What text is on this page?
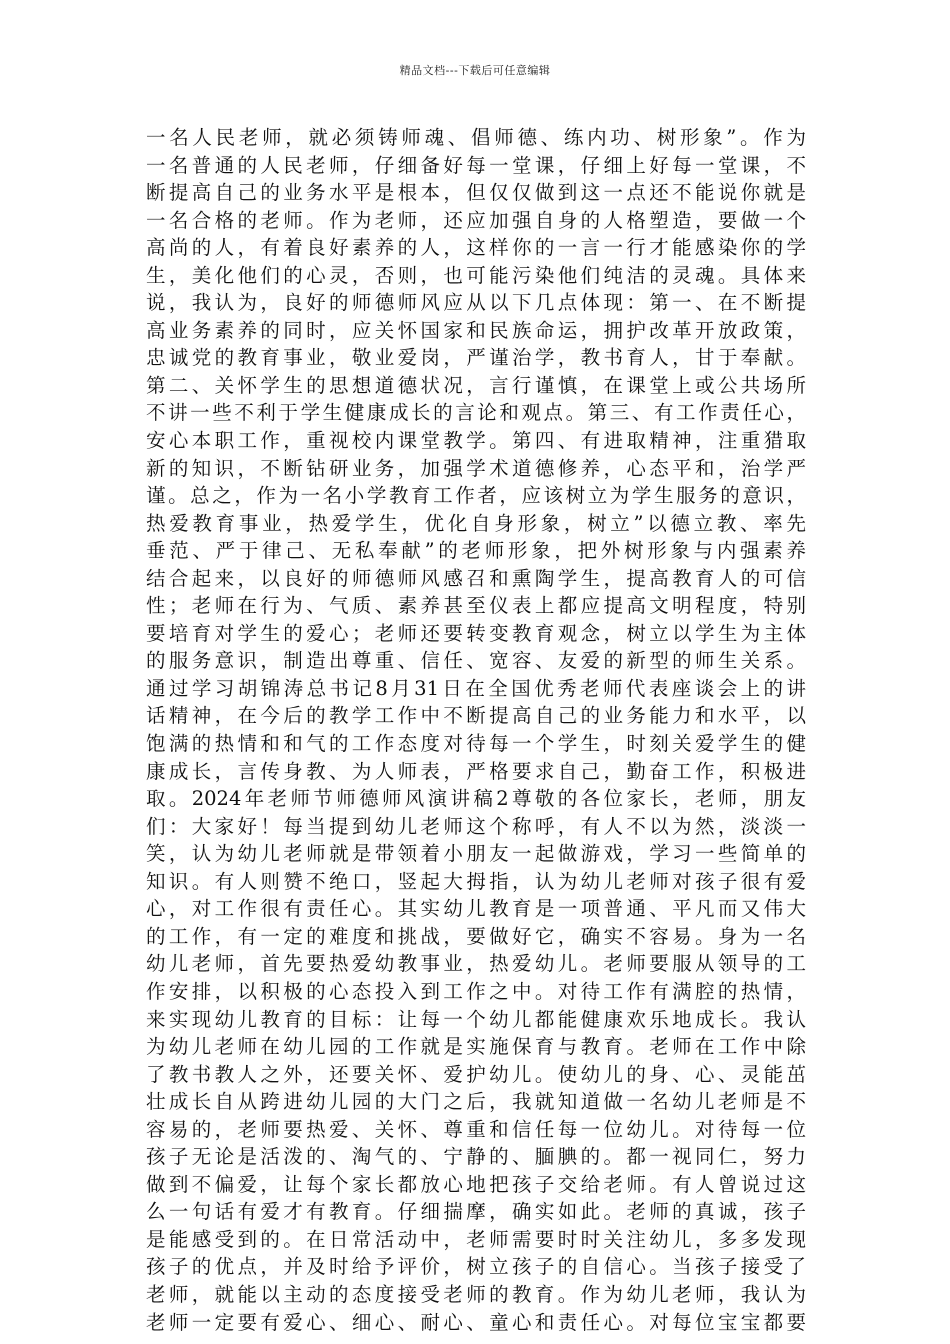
精品文档---下载后可任意编辑
一名人民老师，就必须铸师魂、倡师德、练内功、树形象”。作为
一名普通的人民老师，仔细备好每一堂课，仔细上好每一堂课，不
断提高自己的业务水平是根本，但仅仅做到这一点还不能说你就是
一名合格的老师。作为老师，还应加强自身的人格塑造，要做一个
高尚的人，有着良好素养的人，这样你的一言一行才能感染你的学
生，美化他们的心灵，否则，也可能污染他们纯洁的灵魂。具体来
说，我认为，良好的师德师风应从以下几点体现：第一、在不断提
高业务素养的同时，应关怀国家和民族命运，拥护改革开放政策，
忠诚党的教育事业，敬业爱岗，严谨治学，教书育人，甘于奉献。
第二、关怀学生的思想道德状况，言行谨慎，在课堂上或公共场所
不讲一些不利于学生健康成长的言论和观点。第三、有工作责任心，
安心本职工作，重视校内课堂教学。第四、有进取精神，注重猎取
新的知识，不断钻研业务，加强学术道德修养，心态平和，治学严
谨。总之，作为一名小学教育工作者，应该树立为学生服务的意识，
热爱教育事业，热爱学生，优化自身形象，树立”以德立教、率先
垂范、严于律己、无私奉献”的老师形象，把外树形象与内强素养
结合起来，以良好的师德师风感召和熏陶学生，提高教育人的可信
性；老师在行为、气质、素养甚至仪表上都应提高文明程度，特别
要培育对学生的爱心；老师还要转变教育观念，树立以学生为主体
的服务意识，制造出尊重、信任、宽容、友爱的新型的师生关系。
通过学习胡锦涛总书记8月31日在全国优秀老师代表座谈会上的讲
话精神，在今后的教学工作中不断提高自己的业务能力和水平，以
饱满的热情和和气的工作态度对待每一个学生，时刻关爱学生的健
康成长，言传身教、为人师表，严格要求自己，勤奋工作，积极进
取。2024年老师节师德师风演讲稿2尊敬的各位家长，老师，朋友
们：大家好！每当提到幼儿老师这个称呼，有人不以为然，淡淡一
笑，认为幼儿老师就是带领着小朋友一起做游戏，学习一些简单的
知识。有人则赞不绝口，竖起大拇指，认为幼儿老师对孩子很有爱
心，对工作很有责任心。其实幼儿教育是一项普通、平凡而又伟大
的工作，有一定的难度和挑战，要做好它，确实不容易。身为一名
幼儿老师，首先要热爱幼教事业，热爱幼儿。老师要服从领导的工
作安排，以积极的心态投入到工作之中。对待工作有满腔的热情，
来实现幼儿教育的目标：让每一个幼儿都能健康欢乐地成长。我认
为幼儿老师在幼儿园的工作就是实施保育与教育。老师在工作中除
了教书教人之外，还要关怀、爱护幼儿。使幼儿的身、心、灵能茁
壮成长自从跨进幼儿园的大门之后，我就知道做一名幼儿老师是不
容易的，老师要热爱、关怀、尊重和信任每一位幼儿。对待每一位
孩子无论是活泼的、淘气的、宁静的、腼腆的。都一视同仁，努力
做到不偏爱，让每个家长都放心地把孩子交给老师。有人曾说过这
么一句话有爱才有教育。仔细揣摩，确实如此。老师的真诚，孩子
是能感受到的。在日常活动中，老师需要时时关注幼儿，多多发现
孩子的优点，并及时给予评价，树立孩子的自信心。当孩子接受了
老师，就能以主动的态度接受老师的教育。作为幼儿老师，我认为
老师一定要有爱心、细心、耐心、童心和责任心。对每位宝宝都要
